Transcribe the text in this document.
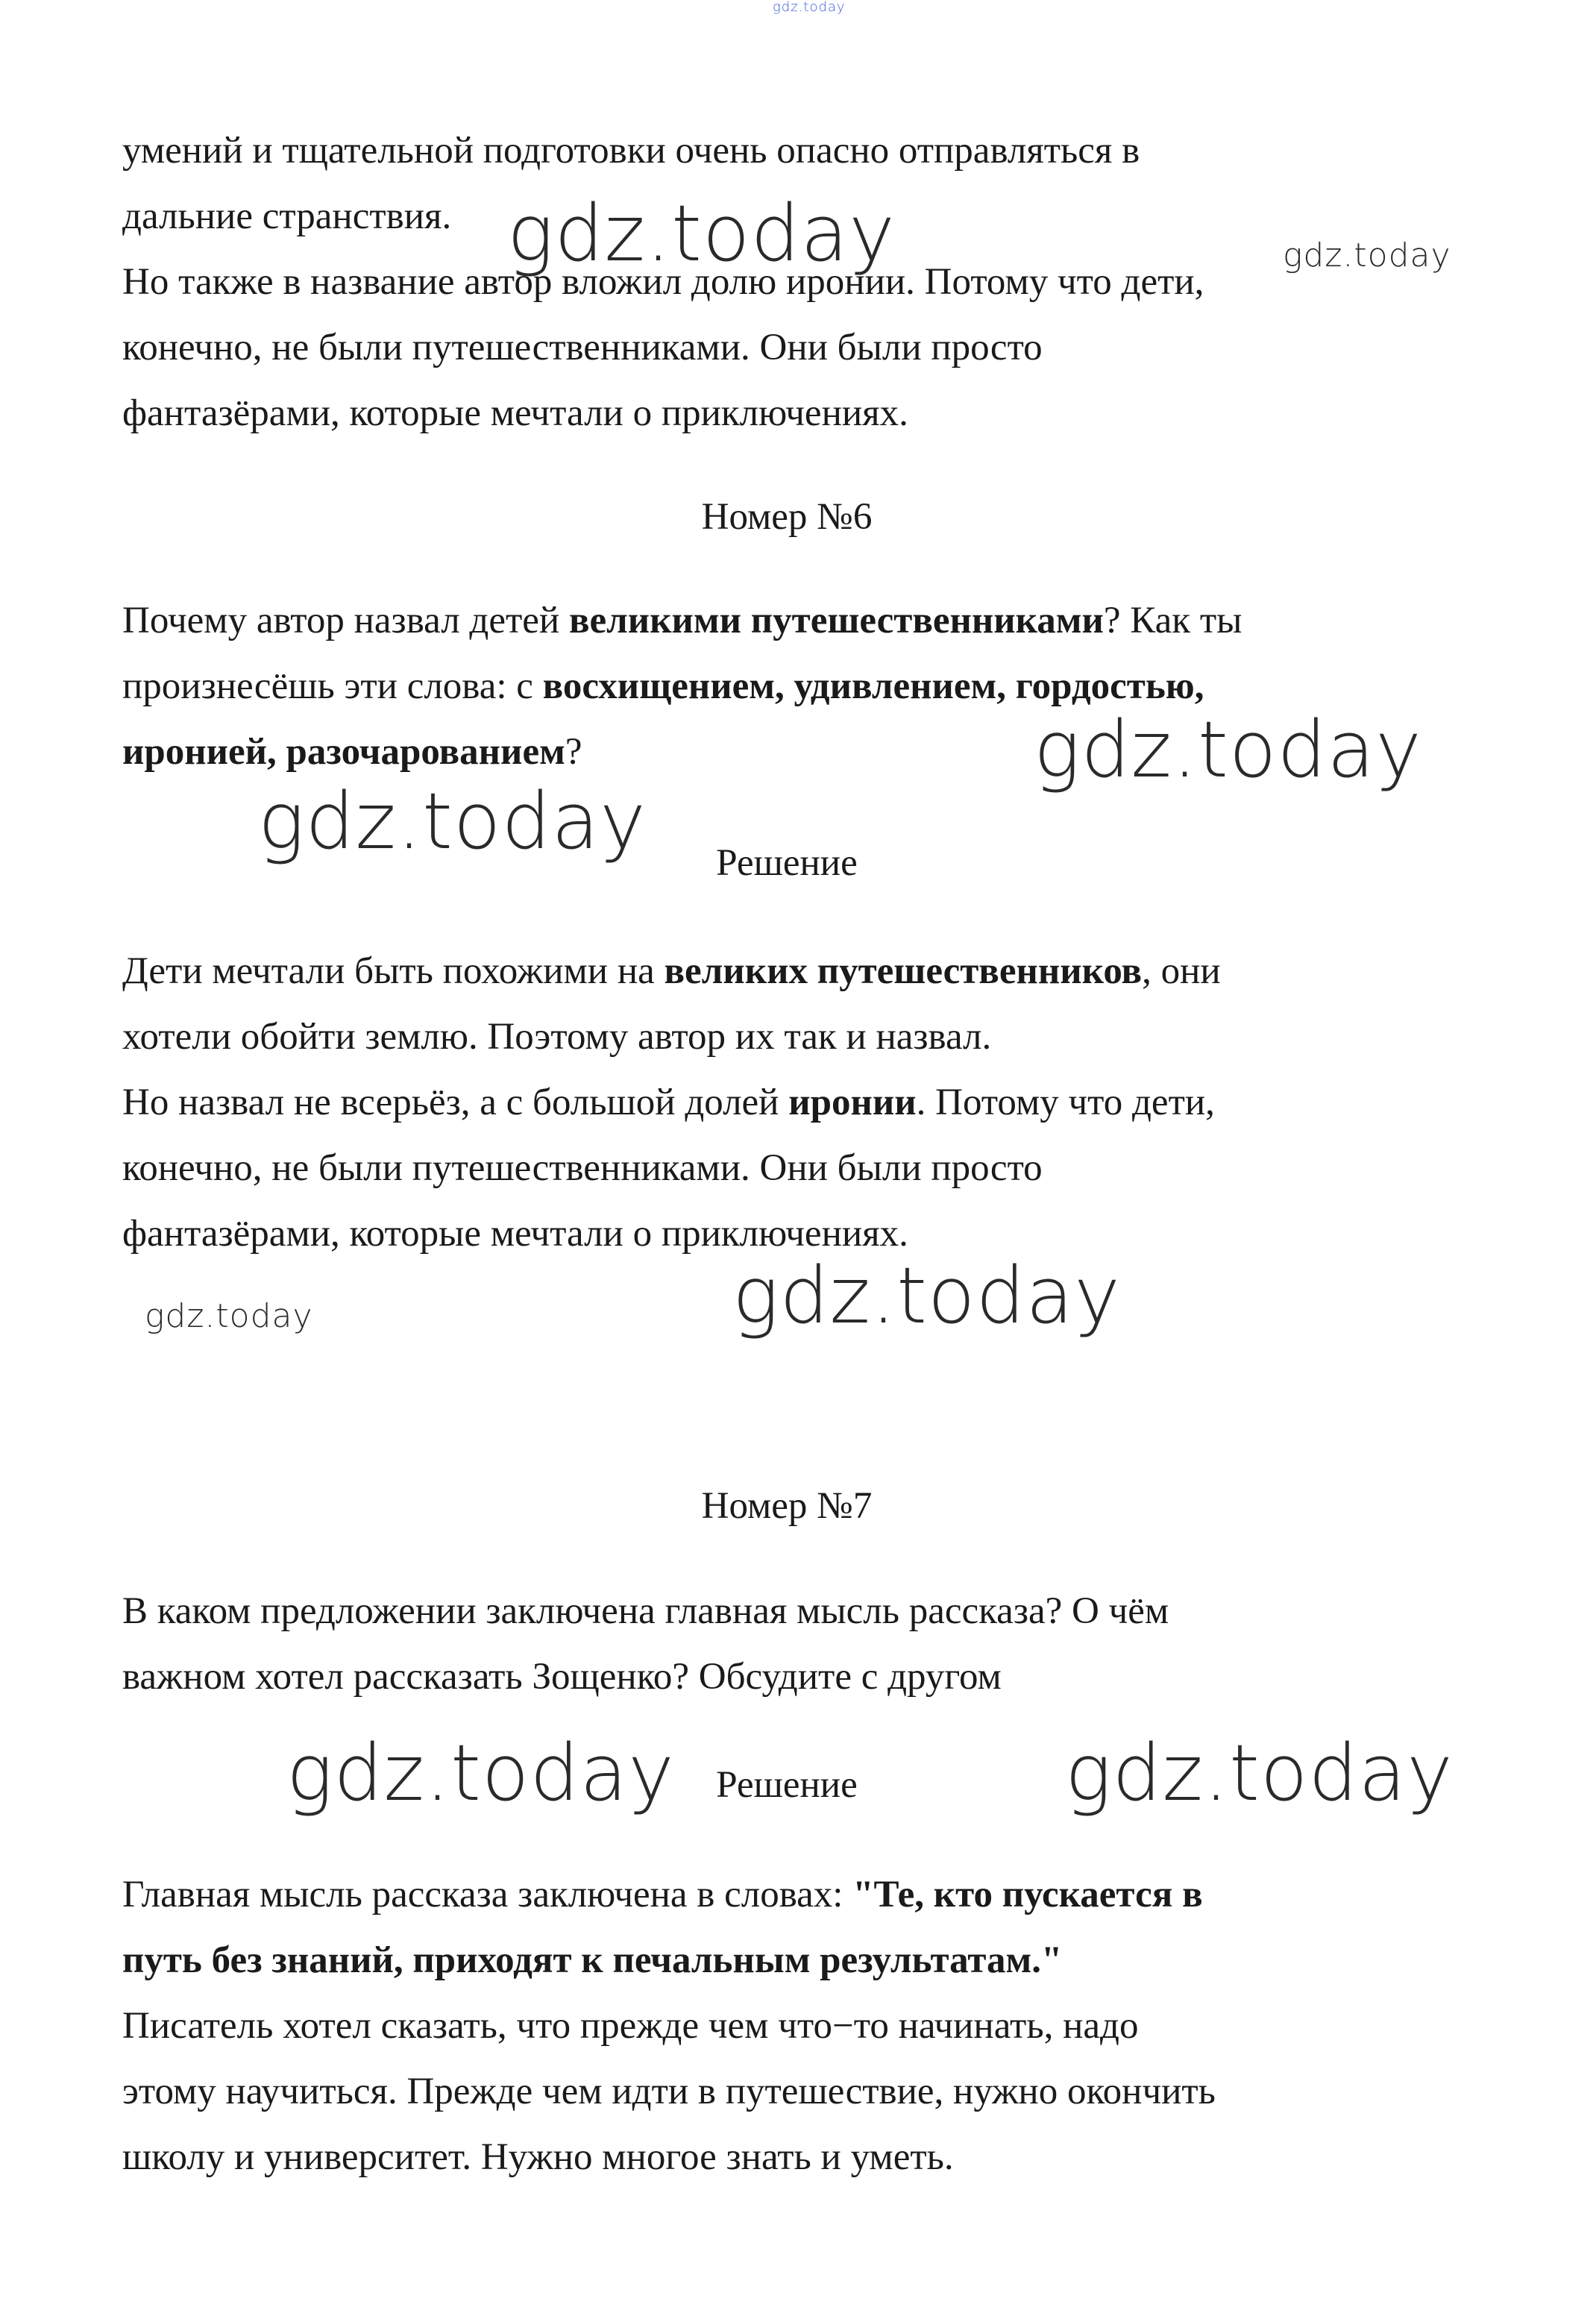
gdz.today

умений и тщательной подготовки очень опасно отправляться в

дальние странствия.

Но также в название автор вложил долю иронии. Потому что дети,

конечно, не были путешественниками. Они были просто

фантазёрами, которые мечтали о приключениях.

Номер №6

Почему автор назвал детей великими путешественниками? Как ты

произнесёшь эти слова: с восхищением, удивлением, гордостью,

иронией, разочарованием?

Решение

Дети мечтали быть похожими на великих путешественников, они

хотели обойти землю. Поэтому автор их так и назвал.

Но назвал не всерьёз, а с большой долей иронии. Потому что дети,

конечно, не были путешественниками. Они были просто

фантазёрами, которые мечтали о приключениях.

Номер №7

В каком предложении заключена главная мысль рассказа? О чём

важном хотел рассказать Зощенко? Обсудите с другом

Решение

Главная мысль рассказа заключена в словах: "Те, кто пускается в

путь без знаний, приходят к печальным результатам."

Писатель хотел сказать, что прежде чем что−то начинать, надо

этому научиться. Прежде чем идти в путешествие, нужно окончить

школу и университет. Нужно многое знать и уметь.

gdz.today	gdz.today
gdz.today
gdz.today
gdz.today	gdz.today
gdz.today	gdz.today
